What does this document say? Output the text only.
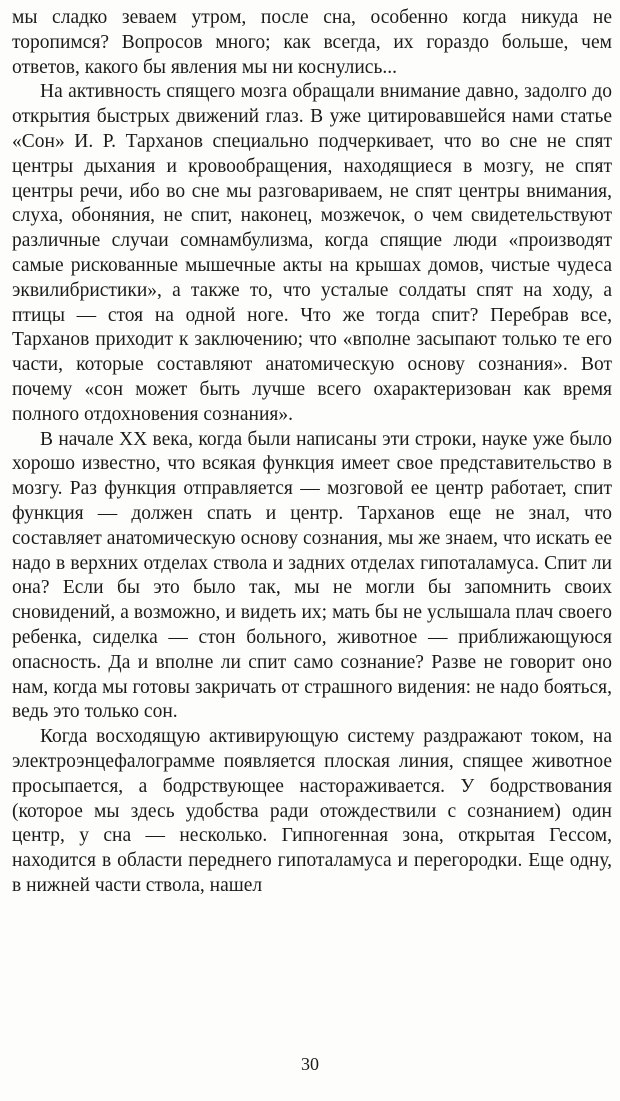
мы сладко зеваем утром, после сна, особенно когда никуда не торопимся? Вопросов много; как всегда, их гораздо больше, чем ответов, какого бы явления мы ни коснулись...

На активность спящего мозга обращали внимание давно, задолго до открытия быстрых движений глаз. В уже цитировавшейся нами статье «Сон» И. Р. Тарханов специально подчеркивает, что во сне не спят центры дыхания и кровообращения, находящиеся в мозгу, не спят центры речи, ибо во сне мы разговариваем, не спят центры внимания, слуха, обоняния, не спит, наконец, мозжечок, о чем свидетельствуют различные случаи сомнамбулизма, когда спящие люди «производят самые рискованные мышечные акты на крышах домов, чистые чудеса эквилибристики», а также то, что усталые солдаты спят на ходу, а птицы — стоя на одной ноге. Что же тогда спит? Перебрав все, Тарханов приходит к заключению; что «вполне засыпают только те его части, которые составляют анатомическую основу сознания». Вот почему «сон может быть лучше всего охарактеризован как время полного отдохновения сознания».

В начале XX века, когда были написаны эти строки, науке уже было хорошо известно, что всякая функция имеет свое представительство в мозгу. Раз функция отправляется — мозговой ее центр работает, спит функция — должен спать и центр. Тарханов еще не знал, что составляет анатомическую основу сознания, мы же знаем, что искать ее надо в верхних отделах ствола и задних отделах гипоталамуса. Спит ли она? Если бы это было так, мы не могли бы запомнить своих сновидений, а возможно, и видеть их; мать бы не услышала плач своего ребенка, сиделка — стон больного, животное — приближающуюся опасность. Да и вполне ли спит само сознание? Разве не говорит оно нам, когда мы готовы закричать от страшного видения: не надо бояться, ведь это только сон.

Когда восходящую активирующую систему раздражают током, на электроэнцефалограмме появляется плоская линия, спящее животное просыпается, а бодрствующее настораживается. У бодрствования (которое мы здесь удобства ради отождествили с сознанием) один центр, у сна — несколько. Гипногенная зона, открытая Гессом, находится в области переднего гипоталамуса и перегородки. Еще одну, в нижней части ствола, нашел

30
